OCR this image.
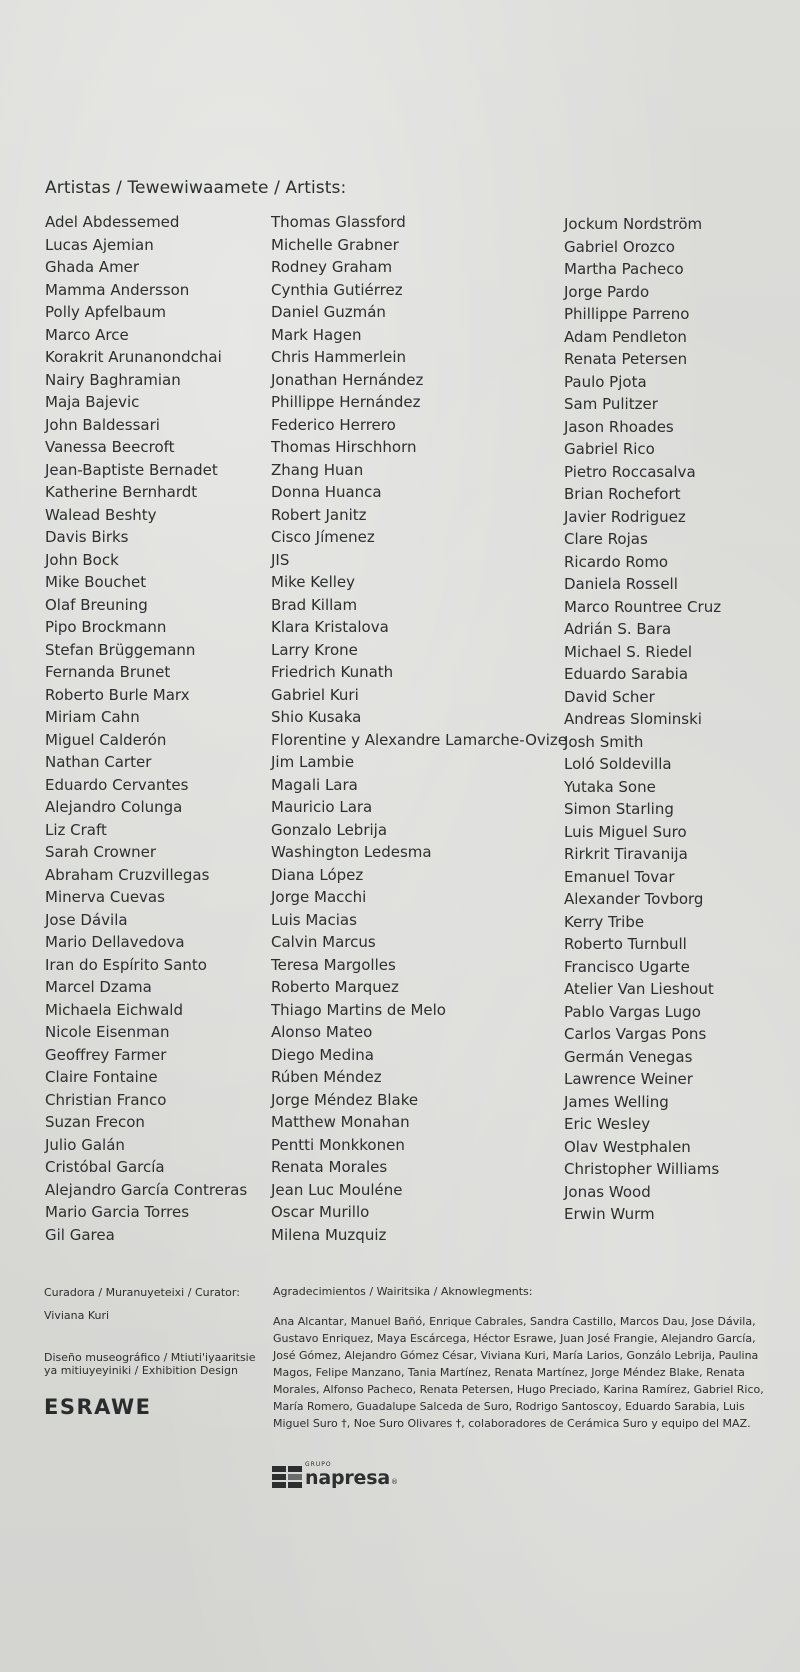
Artistas / Tewewiwaamete / Artists:
Adel Abdessemed
Lucas Ajemian
Ghada Amer
Mamma Andersson
Polly Apfelbaum
Marco Arce
Korakrit Arunanondchai
Nairy Baghramian
Maja Bajevic
John Baldessari
Vanessa Beecroft
Jean-Baptiste Bernadet
Katherine Bernhardt
Walead Beshty
Davis Birks
John Bock
Mike Bouchet
Olaf Breuning
Pipo Brockmann
Stefan Brüggemann
Fernanda Brunet
Roberto Burle Marx
Miriam Cahn
Miguel Calderón
Nathan Carter
Eduardo Cervantes
Alejandro Colunga
Liz Craft
Sarah Crowner
Abraham Cruzvillegas
Minerva Cuevas
Jose Dávila
Mario Dellavedova
Iran do Espírito Santo
Marcel Dzama
Michaela Eichwald
Nicole Eisenman
Geoffrey Farmer
Claire Fontaine
Christian Franco
Suzan Frecon
Julio Galán
Cristóbal García
Alejandro García Contreras
Mario Garcia Torres
Gil Garea
Thomas Glassford
Michelle Grabner
Rodney Graham
Cynthia Gutiérrez
Daniel Guzmán
Mark Hagen
Chris Hammerlein
Jonathan Hernández
Phillippe Hernández
Federico Herrero
Thomas Hirschhorn
Zhang Huan
Donna Huanca
Robert Janitz
Cisco Jímenez
JIS
Mike Kelley
Brad Killam
Klara Kristalova
Larry Krone
Friedrich Kunath
Gabriel Kuri
Shio Kusaka
Florentine y Alexandre Lamarche-Ovize
Jim Lambie
Magali Lara
Mauricio Lara
Gonzalo Lebrija
Washington Ledesma
Diana López
Jorge Macchi
Luis Macias
Calvin Marcus
Teresa Margolles
Roberto Marquez
Thiago Martins de Melo
Alonso Mateo
Diego Medina
Rúben Méndez
Jorge Méndez Blake
Matthew Monahan
Pentti Monkkonen
Renata Morales
Jean Luc Mouléne
Oscar Murillo
Milena Muzquiz
Jockum Nordström
Gabriel Orozco
Martha Pacheco
Jorge Pardo
Phillippe Parreno
Adam Pendleton
Renata Petersen
Paulo Pjota
Sam Pulitzer
Jason Rhoades
Gabriel Rico
Pietro Roccasalva
Brian Rochefort
Javier Rodriguez
Clare Rojas
Ricardo Romo
Daniela Rossell
Marco Rountree Cruz
Adrián S. Bara
Michael S. Riedel
Eduardo Sarabia
David Scher
Andreas Slominski
Josh Smith
Loló Soldevilla
Yutaka Sone
Simon Starling
Luis Miguel Suro
Rirkrit Tiravanija
Emanuel Tovar
Alexander Tovborg
Kerry Tribe
Roberto Turnbull
Francisco Ugarte
Atelier Van Lieshout
Pablo Vargas Lugo
Carlos Vargas Pons
Germán Venegas
Lawrence Weiner
James Welling
Eric Wesley
Olav Westphalen
Christopher Williams
Jonas Wood
Erwin Wurm

Curadora / Muranuyeteixi / Curator:

Viviana Kuri

Diseño museográfico / Mtiuti'iyaaritsie ya mitiuyeyiniki / Exhibition Design

ESRAWE

Agradecimientos / Wairitsika / Aknowlegments:

Ana Alcantar, Manuel Bañó, Enrique Cabrales, Sandra Castillo, Marcos Dau, Jose Dávila, Gustavo Enriquez, Maya Escárcega, Héctor Esrawe, Juan José Frangie, Alejandro García, José Gómez, Alejandro Gómez César, Viviana Kuri, María Larios, Gonzálo Lebrija, Paulina Magos, Felipe Manzano, Tania Martínez, Renata Martínez, Jorge Méndez Blake, Renata Morales, Alfonso Pacheco, Renata Petersen, Hugo Preciado, Karina Ramírez, Gabriel Rico, María Romero, Guadalupe Salceda de Suro, Rodrigo Santoscoy, Eduardo Sarabia, Luis Miguel Suro †, Noe Suro Olivares †, colaboradores de Cerámica Suro y equipo del MAZ.

GRUPO
napresa®
